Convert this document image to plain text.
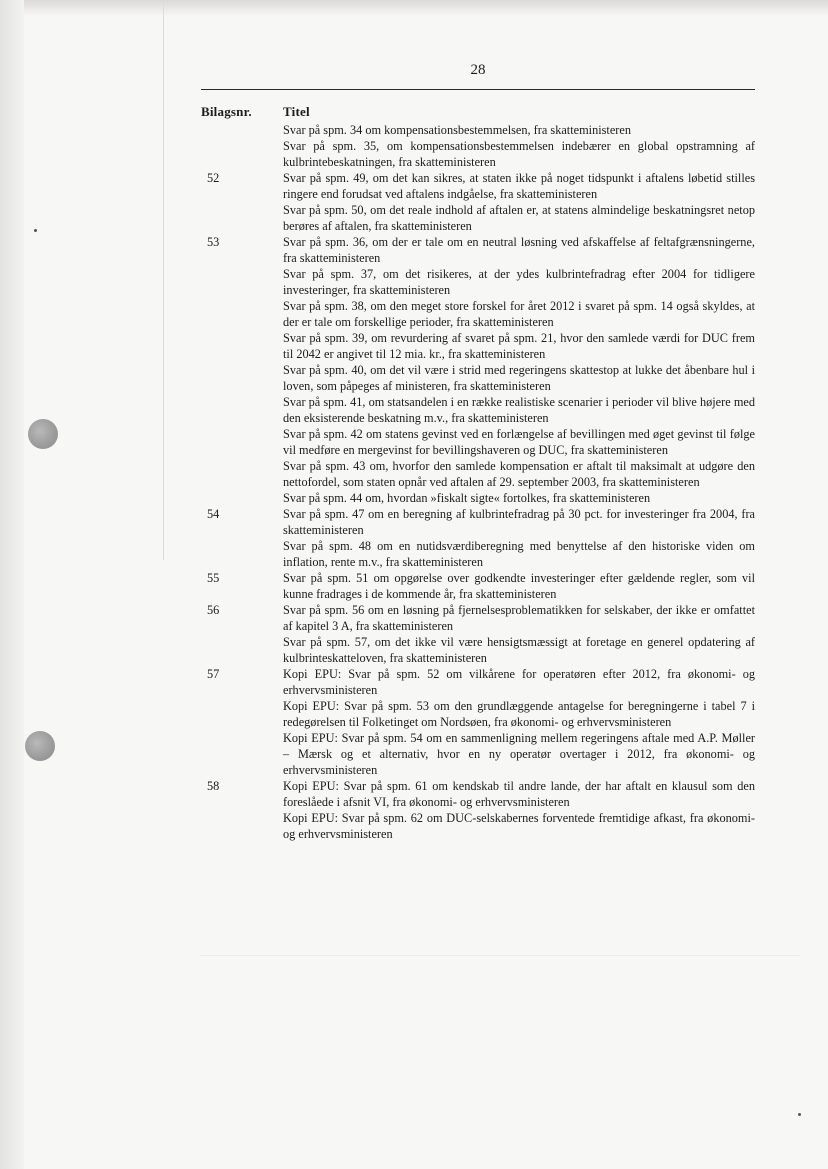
28
Bilagsnr. Titel
Svar på spm. 34 om kompensationsbestemmelsen, fra skatteministeren
Svar på spm. 35, om kompensationsbestemmelsen indebærer en global opstramning af kulbrintebeskatningen, fra skatteministeren
52	Svar på spm. 49, om det kan sikres, at staten ikke på noget tidspunkt i aftalens løbetid stilles ringere end forudsat ved aftalens indgåelse, fra skatteministeren
Svar på spm. 50, om det reale indhold af aftalen er, at statens almindelige beskatningsret netop berøres af aftalen, fra skatteministeren
53	Svar på spm. 36, om der er tale om en neutral løsning ved afskaffelse af feltafgrænsningerne, fra skatteministeren
Svar på spm. 37, om det risikeres, at der ydes kulbrintefradrag efter 2004 for tidligere investeringer, fra skatteministeren
Svar på spm. 38, om den meget store forskel for året 2012 i svaret på spm. 14 også skyldes, at der er tale om forskellige perioder, fra skatteministeren
Svar på spm. 39, om revurdering af svaret på spm. 21, hvor den samlede værdi for DUC frem til 2042 er angivet til 12 mia. kr., fra skatteministeren
Svar på spm. 40, om det vil være i strid med regeringens skattestop at lukke det åbenbare hul i loven, som påpeges af ministeren, fra skatteministeren
Svar på spm. 41, om statsandelen i en række realistiske scenarier i perioder vil blive højere med den eksisterende beskatning m.v., fra skatteministeren
Svar på spm. 42 om statens gevinst ved en forlængelse af bevillingen med øget gevinst til følge vil medføre en mergevinst for bevillingshaveren og DUC, fra skatteministeren
Svar på spm. 43 om, hvorfor den samlede kompensation er aftalt til maksimalt at udgøre den nettofordel, som staten opnår ved aftalen af 29. september 2003, fra skatteministeren
Svar på spm. 44 om, hvordan »fiskalt sigte« fortolkes, fra skatteministeren
54	Svar på spm. 47 om en beregning af kulbrintefradrag på 30 pct. for investeringer fra 2004, fra skatteministeren
Svar på spm. 48 om en nutidsværdiberegning med benyttelse af den historiske viden om inflation, rente m.v., fra skatteministeren
55	Svar på spm. 51 om opgørelse over godkendte investeringer efter gældende regler, som vil kunne fradrages i de kommende år, fra skatteministeren
56	Svar på spm. 56 om en løsning på fjernelsesproblematikken for selskaber, der ikke er omfattet af kapitel 3 A, fra skatteministeren
Svar på spm. 57, om det ikke vil være hensigtsmæssigt at foretage en generel opdatering af kulbrinteskatteloven, fra skatteministeren
57	Kopi EPU: Svar på spm. 52 om vilkårene for operatøren efter 2012, fra økonomi- og erhvervsministeren
Kopi EPU: Svar på spm. 53 om den grundlæggende antagelse for beregningerne i tabel 7 i redegørelsen til Folketinget om Nordsøen, fra økonomi- og erhvervsministeren
Kopi EPU: Svar på spm. 54 om en sammenligning mellem regeringens aftale med A.P. Møller – Mærsk og et alternativ, hvor en ny operatør overtager i 2012, fra økonomi- og erhvervsministeren
58	Kopi EPU: Svar på spm. 61 om kendskab til andre lande, der har aftalt en klausul som den foreslåede i afsnit VI, fra økonomi- og erhvervsministeren
Kopi EPU: Svar på spm. 62 om DUC-selskabernes forventede fremtidige afkast, fra økonomi- og erhvervsministeren
